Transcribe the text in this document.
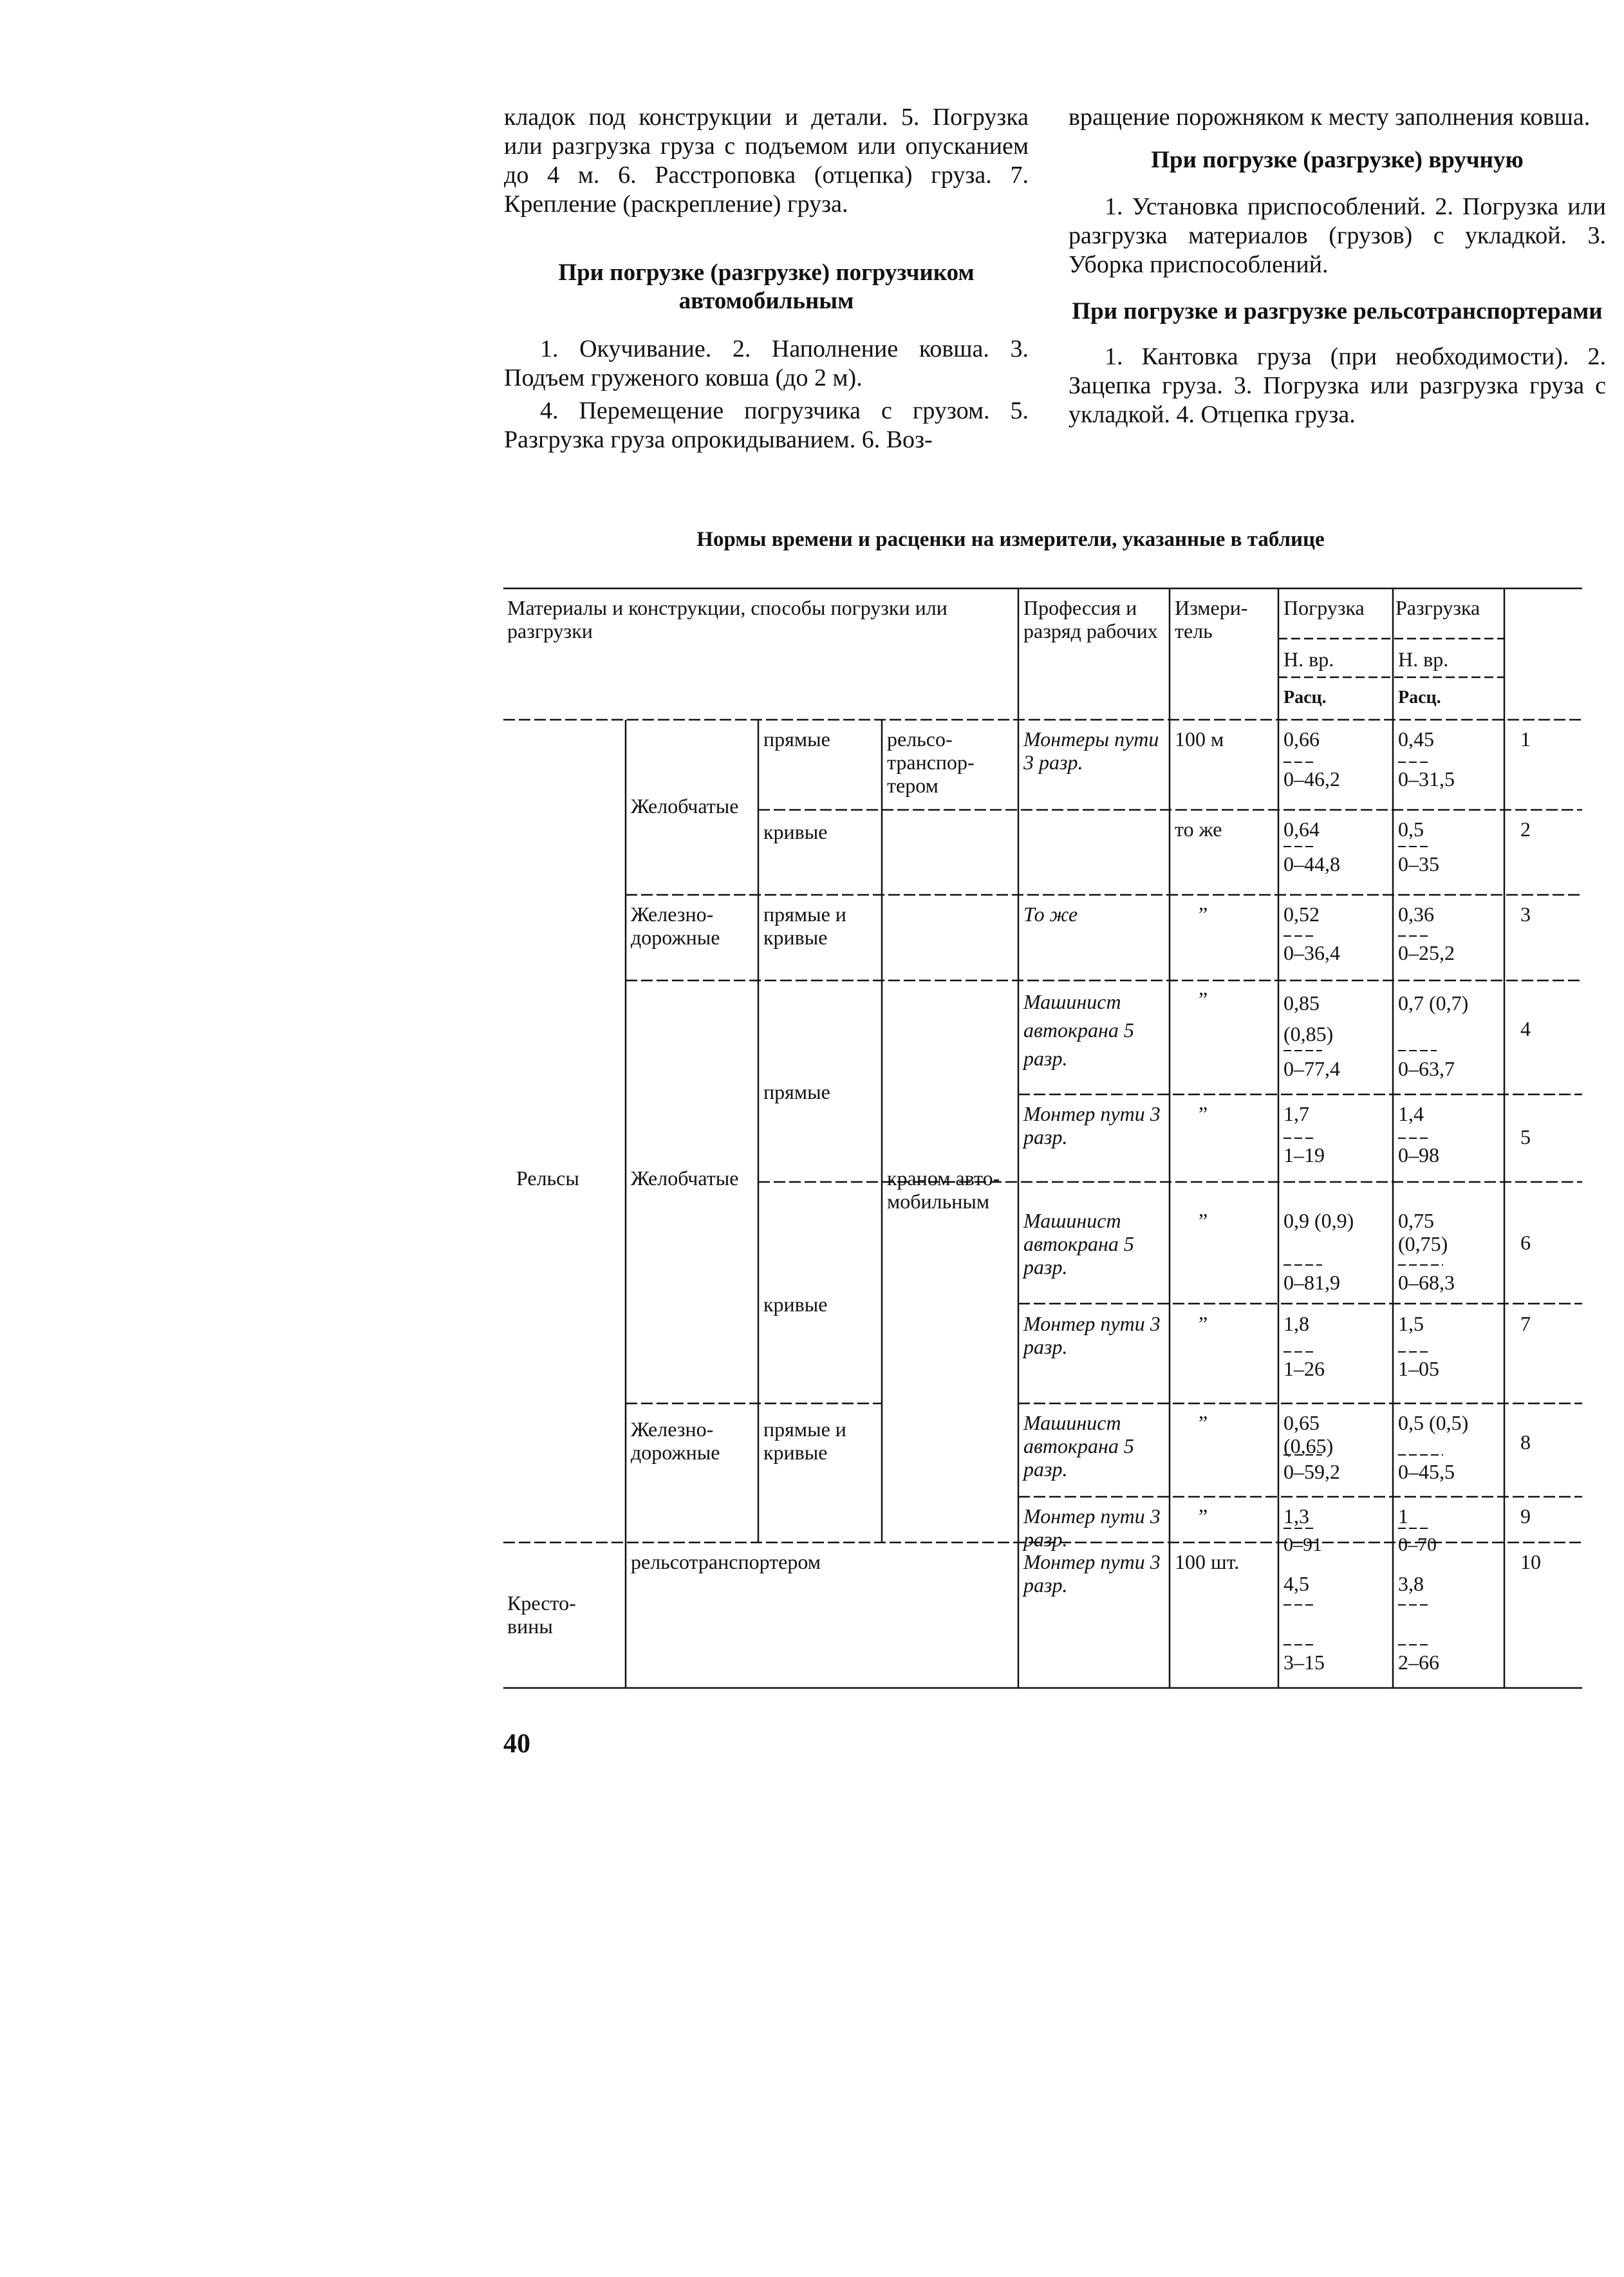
кладок под конструкции и детали. 5. Погрузка или разгрузка груза с подъемом или опусканием до 4 м. 6. Расстроповка (отцепка) груза. 7. Крепление (раскрепление) груза.

При погрузке (разгрузке) погрузчиком автомобильным

1. Окучивание. 2. Наполнение ковша. 3. Подъем груженого ковша (до 2 м).

4. Перемещение погрузчика с грузом. 5. Разгрузка груза опрокидыванием. 6. Воз-

вращение порожняком к месту заполнения ковша.

При погрузке (разгрузке) вручную

1. Установка приспособлений. 2. Погрузка или разгрузка материалов (грузов) с укладкой. 3. Уборка приспособлений.

При погрузке и разгрузке рельсотранспортерами

1. Кантовка груза (при необходимости). 2. Зацепка груза. 3. Погрузка или разгрузка груза с укладкой. 4. Отцепка груза.

Нормы времени и расценки на измерители, указанные в таблице
Материалы и конструкции, способы погрузки или разгрузки
Профессия и разряд рабочих
Измери- тель
Погрузка Разгрузка
Н. вр.	Н. вр.
Расц.	Расц.
Рельсы
Кресто- вины
Желобчатые
Железно- дорожные
Желобчатые
Железно- дорожные
рельсотранспортером
прямые
кривые
прямые и кривые
прямые
кривые
прямые и кривые
рельсо- транспор- тером
краном авто- мобильным
Монтеры пути 3 разр.
То же
Машинист автокрана 5 разр.
Монтер пути 3 разр.
Машинист автокрана 5 разр.
Монтер пути 3 разр.
Машинист автокрана 5 разр.
Монтер пути 3 разр.
Монтер пути 3 разр.
100 м
то же
”
”
”
”
”
”
”
100 шт.
0,66
0–46,2
0,64
0–44,8
0,52
0–36,4
0,85 (0,85)
0–77,4
1,7
1–19
0,9 (0,9)
0–81,9
1,8
1–26
0,65 (0,65)
0–59,2
1,3
0–91
4,5
3–15
0,45
0–31,5
0,5
0–35
0,36
0–25,2
0,7 (0,7)
0–63,7
1,4
0–98
0,75 (0,75)
0–68,3
1,5
1–05
0,5 (0,5)
0–45,5
1
0–70
3,8
2–66
1
2
3
4
5
6
7
8
9
10
40
